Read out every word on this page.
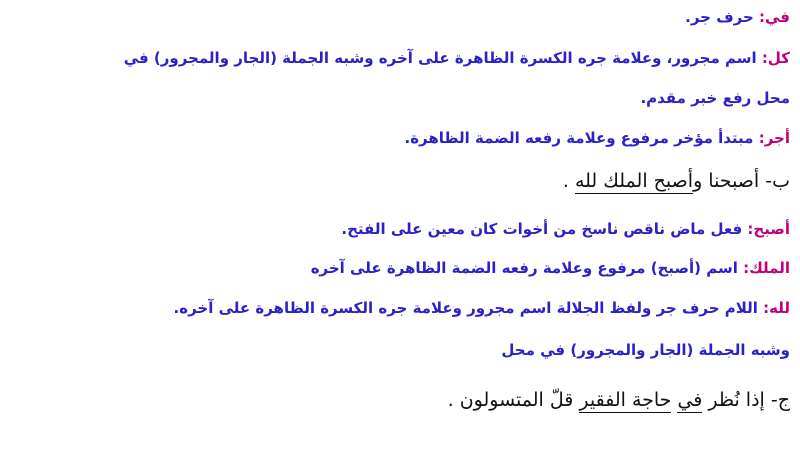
في: حرف جر.
كل: اسم مجرور، وعلامة جره الكسرة الظاهرة على آخره وشبه الجملة (الجار والمجرور) في
محل رفع خبر مقدم.
أجر: مبتدأ مؤخر مرفوع وعلامة رفعه الضمة الظاهرة.
ب- أصبحنا وأصبح الملك لله .
أصبح: فعل ماض ناقص ناسخ من أخوات كان معين على الفتح.
الملك: اسم (أصبح) مرفوع وعلامة رفعه الضمة الظاهرة على آخره
لله: اللام حرف جر ولفظ الجلالة اسم مجرور وعلامة جره الكسرة الظاهرة على آخره.
وشبه الجملة (الجار والمجرور) في محل
ج- إذا نُظر في حاجة الفقير قلّ المتسولون .
